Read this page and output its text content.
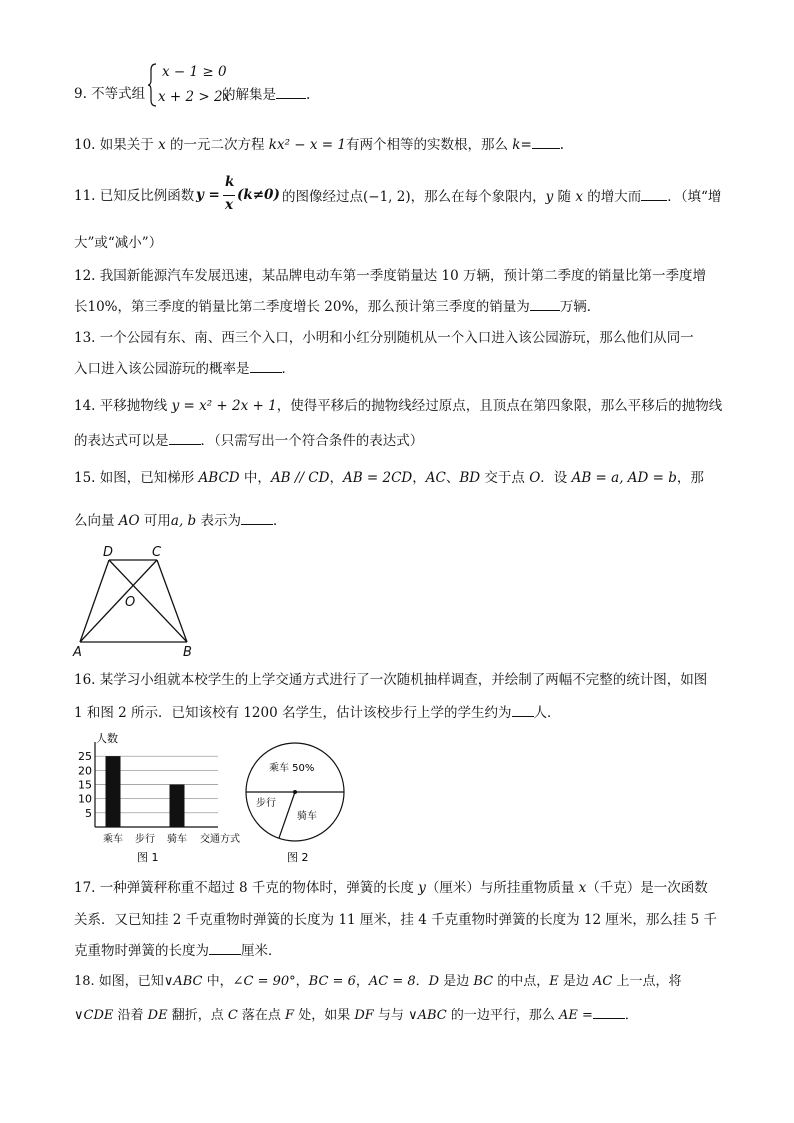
9. 不等式组
x − 1 ≥ 0
x + 2 > 2x
的解集是 .
10. 如果关于 x 的一元二次方程 kx² − x = 1有两个相等的实数根，那么 k= .
11. 已知反比例函数 y =
k
x
(k≠0) 的图像经过点(−1, 2)，那么在每个象限内，y 随 x 的增大而 ．（填“增
大”或“减小”）
12. 我国新能源汽车发展迅速，某品牌电动车第一季度销量达 10 万辆，预计第二季度的销量比第一季度增
长10%，第三季度的销量比第二季度增长 20%，那么预计第三季度的销量为 万辆．
13. 一个公园有东、南、西三个入口，小明和小红分别随机从一个入口进入该公园游玩，那么他们从同一
入口进入该公园游玩的概率是 ．
14. 平移抛物线 y = x² + 2x + 1，使得平移后的抛物线经过原点，且顶点在第四象限，那么平移后的抛物线
的表达式可以是 ．（只需写出一个符合条件的表达式）
15. 如图，已知梯形 ABCD 中，AB // CD，AB = 2CD，AC、BD 交于点 O．设 AB = a, AD = b，那
么向量 AO 可用a, b 表示为 ．
D	C
O
A	B
16. 某学习小组就本校学生的上学交通方式进行了一次随机抽样调查，并绘制了两幅不完整的统计图，如图
1 和图 2 所示．已知该校有 1200 名学生，估计该校步行上学的学生约为 人．
人数
5
10
15
20
25
乘车 步行 骑车 交通方式
图 1
乘车 50%
步行
骑车
图 2
17. 一种弹簧秤称重不超过 8 千克的物体时，弹簧的长度 y（厘米）与所挂重物质量 x（千克）是一次函数
关系．又已知挂 2 千克重物时弹簧的长度为 11 厘米，挂 4 千克重物时弹簧的长度为 12 厘米，那么挂 5 千
克重物时弹簧的长度为 厘米．
18. 如图，已知∨ABC 中，∠C = 90°，BC = 6，AC = 8．D 是边 BC 的中点，E 是边 AC 上一点，将
∨CDE 沿着 DE 翻折，点 C 落在点 F 处，如果 DF 与与 ∨ABC 的一边平行，那么 AE = ．
